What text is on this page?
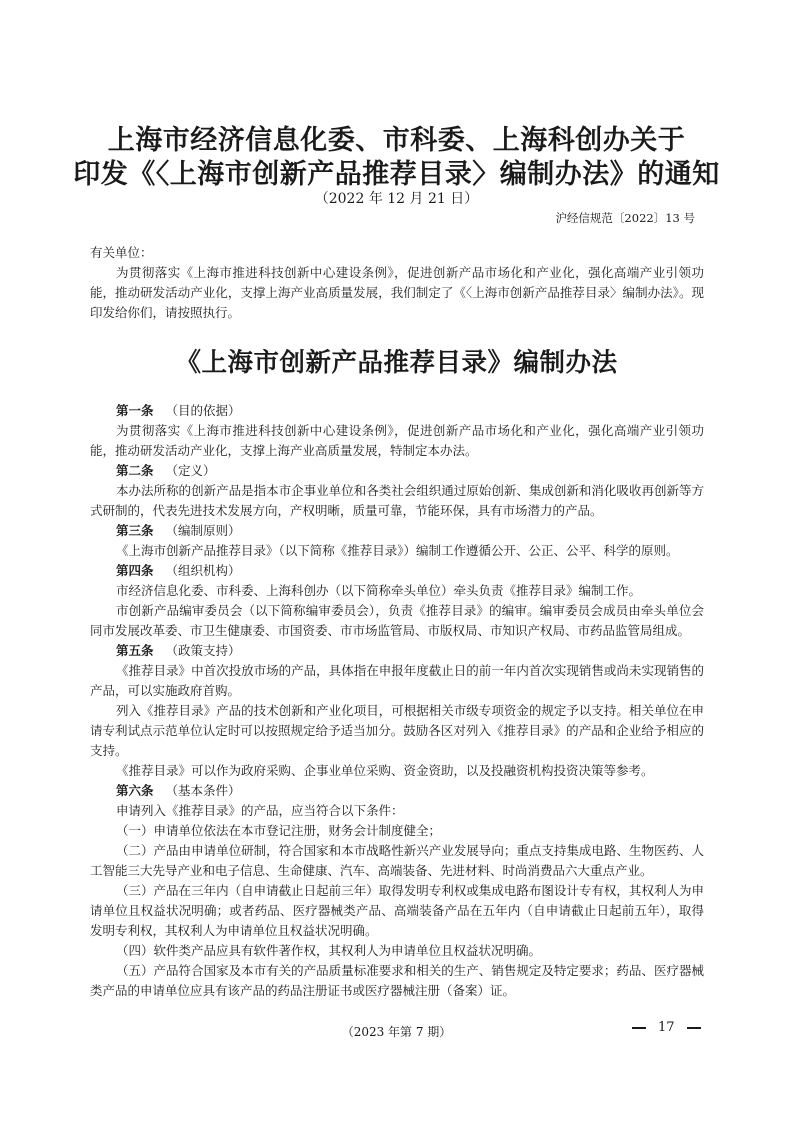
上海市经济信息化委、市科委、上海科创办关于
印发《〈上海市创新产品推荐目录〉编制办法》的通知
（2022 年 12 月 21 日）
沪经信规范〔2022〕13 号
有关单位：
为贯彻落实《上海市推进科技创新中心建设条例》，促进创新产品市场化和产业化，强化高端产业引领功能，推动研发活动产业化，支撑上海产业高质量发展，我们制定了《〈上海市创新产品推荐目录〉编制办法》。现印发给你们，请按照执行。
《上海市创新产品推荐目录》编制办法

第一条 （目的依据）

为贯彻落实《上海市推进科技创新中心建设条例》，促进创新产品市场化和产业化，强化高端产业引领功能，推动研发活动产业化，支撑上海产业高质量发展，特制定本办法。

第二条 （定义）

本办法所称的创新产品是指本市企事业单位和各类社会组织通过原始创新、集成创新和消化吸收再创新等方式研制的，代表先进技术发展方向，产权明晰，质量可靠，节能环保，具有市场潜力的产品。

第三条 （编制原则）

《上海市创新产品推荐目录》（以下简称《推荐目录》）编制工作遵循公开、公正、公平、科学的原则。

第四条 （组织机构）

市经济信息化委、市科委、上海科创办（以下简称牵头单位）牵头负责《推荐目录》编制工作。

市创新产品编审委员会（以下简称编审委员会），负责《推荐目录》的编审。编审委员会成员由牵头单位会同市发展改革委、市卫生健康委、市国资委、市市场监管局、市版权局、市知识产权局、市药品监管局组成。

第五条 （政策支持）

《推荐目录》中首次投放市场的产品，具体指在申报年度截止日的前一年内首次实现销售或尚未实现销售的产品，可以实施政府首购。

列入《推荐目录》产品的技术创新和产业化项目，可根据相关市级专项资金的规定予以支持。相关单位在申请专利试点示范单位认定时可以按照规定给予适当加分。鼓励各区对列入《推荐目录》的产品和企业给予相应的支持。

《推荐目录》可以作为政府采购、企事业单位采购、资金资助，以及投融资机构投资决策等参考。

第六条 （基本条件）

申请列入《推荐目录》的产品，应当符合以下条件：

（一）申请单位依法在本市登记注册，财务会计制度健全；

（二）产品由申请单位研制，符合国家和本市战略性新兴产业发展导向；重点支持集成电路、生物医药、人工智能三大先导产业和电子信息、生命健康、汽车、高端装备、先进材料、时尚消费品六大重点产业。

（三）产品在三年内（自申请截止日起前三年）取得发明专利权或集成电路布图设计专有权，其权利人为申请单位且权益状况明确；或者药品、医疗器械类产品、高端装备产品在五年内（自申请截止日起前五年），取得发明专利权，其权利人为申请单位且权益状况明确。

（四）软件类产品应具有软件著作权，其权利人为申请单位且权益状况明确。

（五）产品符合国家及本市有关的产品质量标准要求和相关的生产、销售规定及特定要求；药品、医疗器械类产品的申请单位应具有该产品的药品注册证书或医疗器械注册（备案）证。

（2023 年第 7 期）	17
